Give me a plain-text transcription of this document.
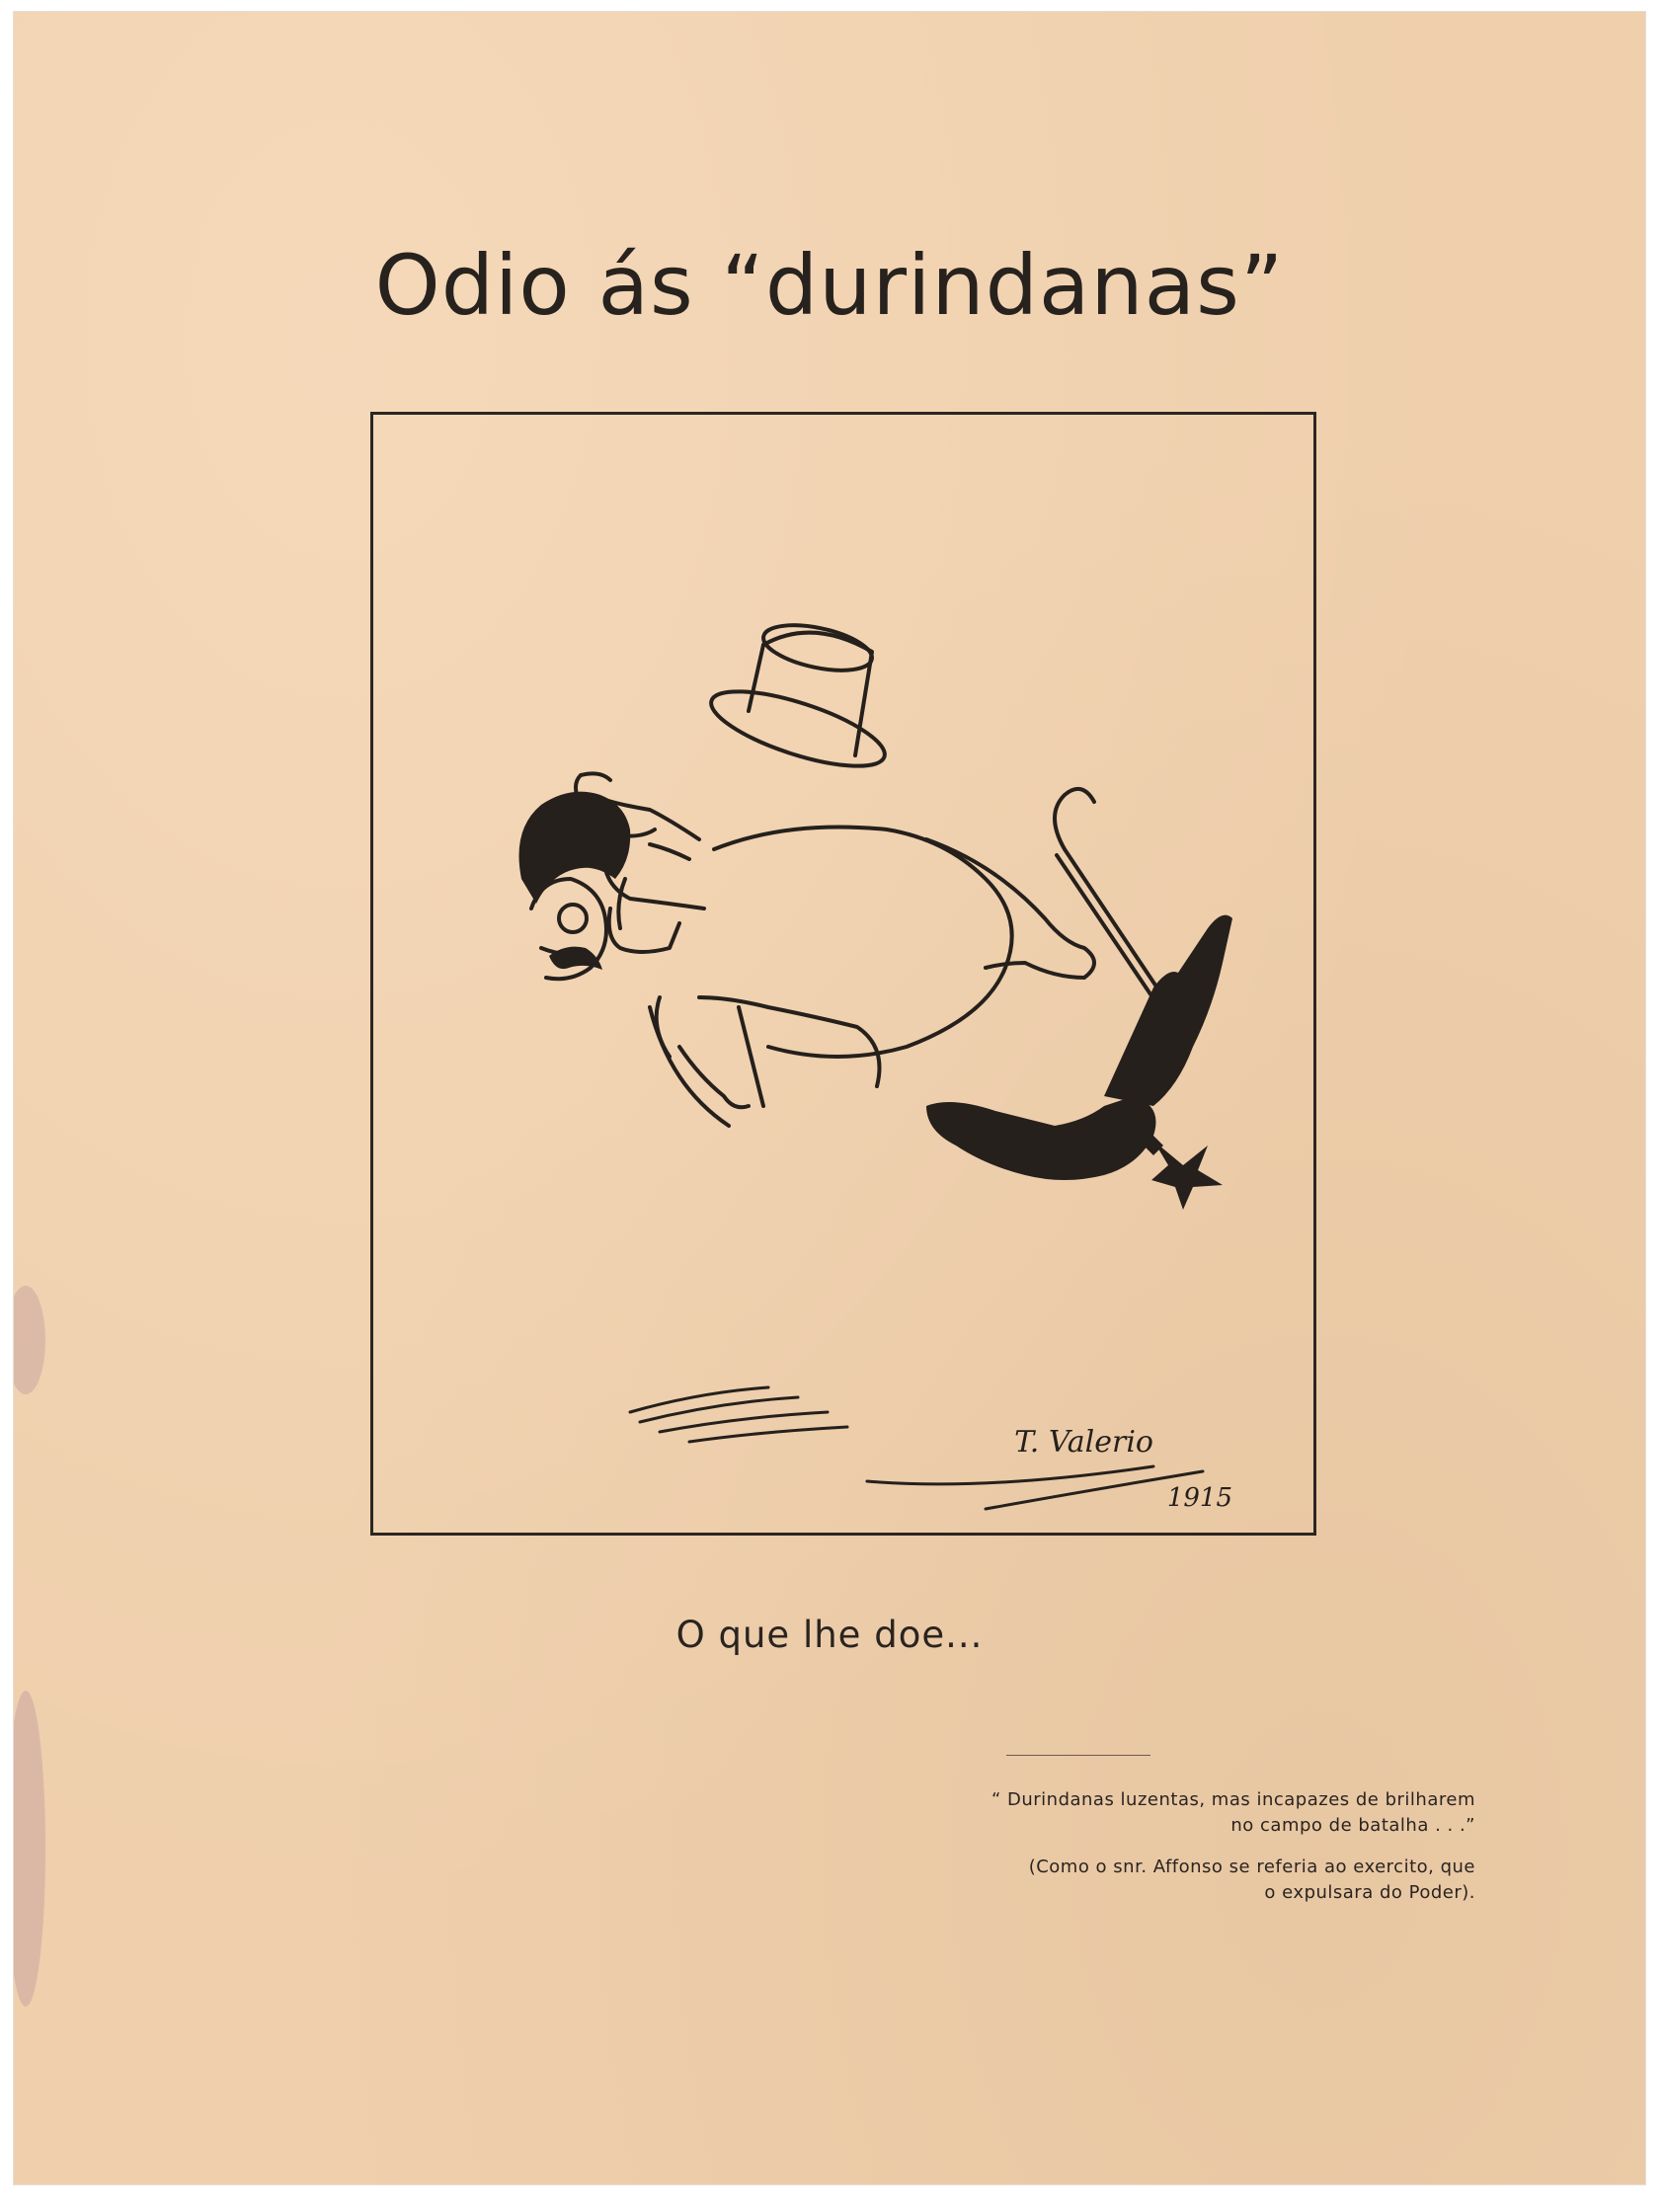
Odio ás “durindanas”
T. Valerio
1915
O que lhe doe...
“ Durindanas luzentas, mas incapazes de brilharem no campo de batalha . . .”
(Como o snr. Affonso se referia ao exercito, que o expulsara do Poder).
